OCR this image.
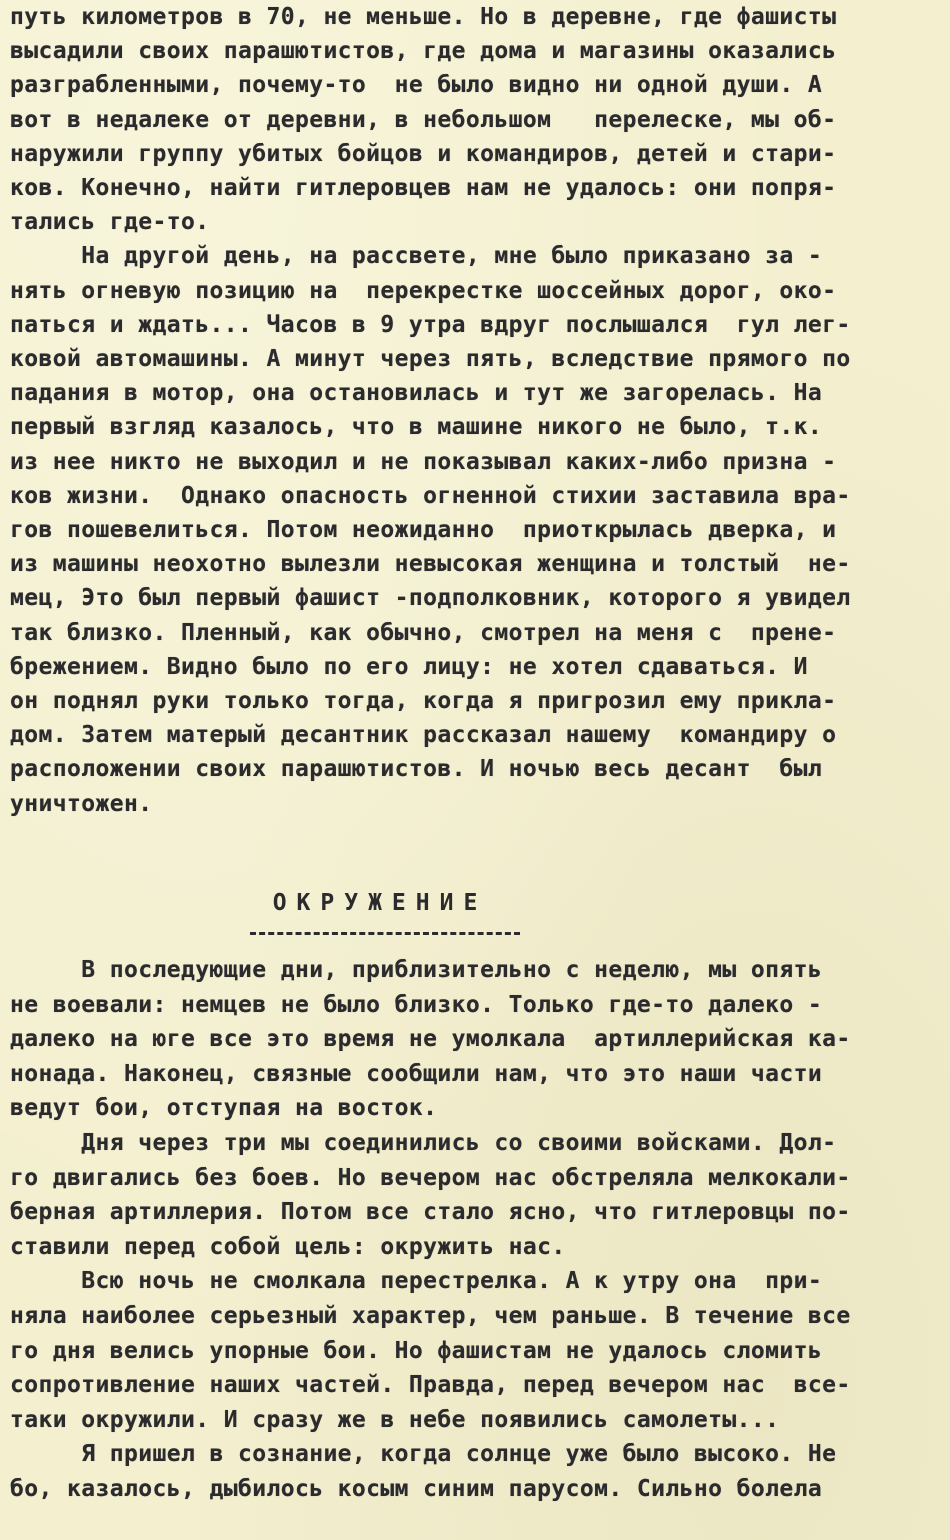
путь километров в 70, не меньше. Но в деревне, где фашисты
высадили своих парашютистов, где дома и магазины оказались
разграбленными, почему-то  не было видно ни одной души. А
вот в недалеке от деревни, в небольшом   перелеске, мы об-
наружили группу убитых бойцов и командиров, детей и стари-
ков. Конечно, найти гитлеровцев нам не удалось: они попря-
тались где-то.
На другой день, на рассвете, мне было приказано за -
нять огневую позицию на  перекрестке шоссейных дорог, око-
паться и ждать... Часов в 9 утра вдруг послышался  гул лег-
ковой автомашины. А минут через пять, вследствие прямого по
падания в мотор, она остановилась и тут же загорелась. На
первый взгляд казалось, что в машине никого не было, т.к.
из нее никто не выходил и не показывал каких-либо призна -
ков жизни.  Однако опасность огненной стихии заставила вра-
гов пошевелиться. Потом неожиданно  приоткрылась дверка, и
из машины неохотно вылезли невысокая женщина и толстый  не-
мец, Это был первый фашист -подполковник, которого я увидел
так близко. Пленный, как обычно, смотрел на меня с  прене-
брежением. Видно было по его лицу: не хотел сдаваться. И
он поднял руки только тогда, когда я пригрозил ему прикла-
дом. Затем матерый десантник рассказал нашему  командиру о
расположении своих парашютистов. И ночью весь десант  был
уничтожен.
ОКРУЖЕНИЕ
В последующие дни, приблизительно с неделю, мы опять
не воевали: немцев не было близко. Только где-то далеко -
далеко на юге все это время не умолкала  артиллерийская ка-
нонада. Наконец, связные сообщили нам, что это наши части
ведут бои, отступая на восток.
Дня через три мы соединились со своими войсками. Дол-
го двигались без боев. Но вечером нас обстреляла мелкокали-
берная артиллерия. Потом все стало ясно, что гитлеровцы по-
ставили перед собой цель: окружить нас.
Всю ночь не смолкала перестрелка. А к утру она  при-
няла наиболее серьезный характер, чем раньше. В течение все
го дня велись упорные бои. Но фашистам не удалось сломить
сопротивление наших частей. Правда, перед вечером нас  все-
таки окружили. И сразу же в небе появились самолеты...
Я пришел в сознание, когда солнце уже было высоко. Не
бо, казалось, дыбилось косым синим парусом. Сильно болела
